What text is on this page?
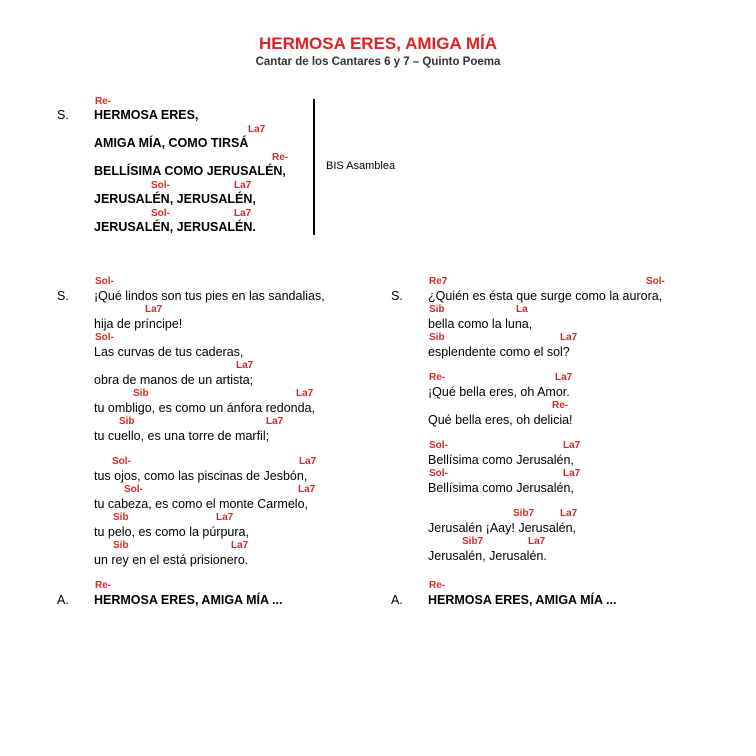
HERMOSA ERES, AMIGA MÍA
Cantar de los Cantares 6 y 7 – Quinto Poema
S.
Re-
HERMOSA ERES,
La7
AMIGA MÍA, COMO TIRSÁ
Re-
BELLÍSIMA COMO JERUSALÉN,
Sol-	La7
JERUSALÉN, JERUSALÉN,
Sol-	La7
JERUSALÉN, JERUSALÉN.
BIS Asamblea
S.
Sol-
¡Qué lindos son tus pies en las sandalias,
La7
hija de príncipe!
Sol-
Las curvas de tus caderas,
La7
obra de manos de un artista;
Sib	La7
tu ombligo, es como un ánfora redonda,
Sib	La7
tu cuello, es una torre de marfil;
Sol-	La7
tus ojos, como las piscinas de Jesbón,
Sol-	La7
tu cabeza, es como el monte Carmelo,
Sib	La7
tu pelo, es como la púrpura,
Sib	La7
un rey en el está prisionero.
A.
Re-
HERMOSA ERES, AMIGA MÍA ...
S.
Re7	Sol-
¿Quién es ésta que surge como la aurora,
Sib	La
bella como la luna,
Sib	La7
esplendente como el sol?
Re-	La7
¡Qué bella eres, oh Amor.
Re-
Qué bella eres, oh delicia!
Sol-	La7
Bellísima como Jerusalén,
Sol-	La7
Bellísima como Jerusalén,
Sib7	La7
Jerusalén ¡Aay! Jerusalén,
Sib7	La7
Jerusalén, Jerusalén.
A.
Re-
HERMOSA ERES, AMIGA MÍA ...
